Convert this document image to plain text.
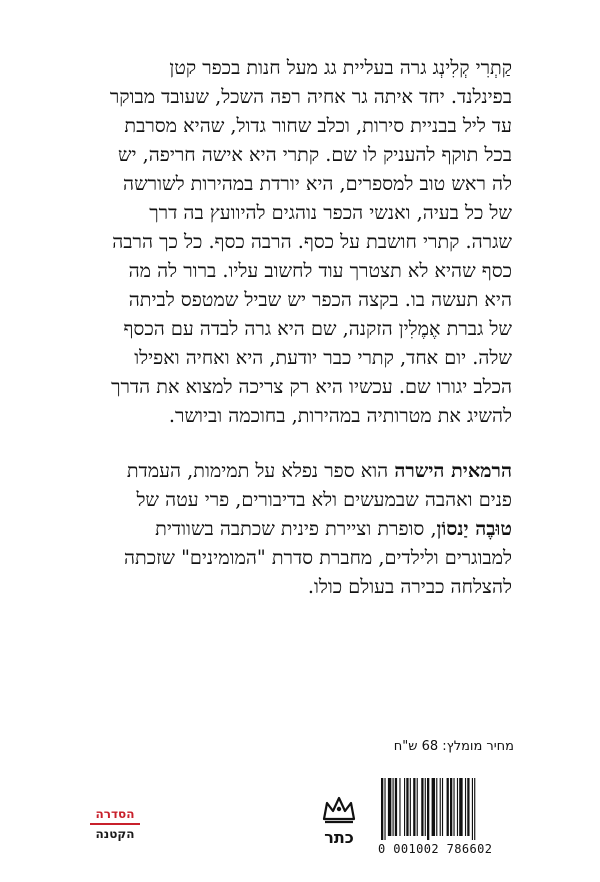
קַתְרִי קְלִינְג גרה בעליית גג מעל חנות בכפר קטן
בפינלנד. יחד איתה גר אחיה רפה השכל, שעובד מבוקר
עד ליל בבניית סירות, וכלב שחור גדול, שהיא מסרבת
בכל תוקף להעניק לו שם. קתרי היא אישה חריפה, יש
לה ראש טוב למספרים, היא יורדת במהירות לשורשה
של כל בעיה, ואנשי הכפר נוהגים להיוועץ בה דרך
שגרה. קתרי חושבת על כסף. הרבה כסף. כל כך הרבה
כסף שהיא לא תצטרך עוד לחשוב עליו. ברור לה מה
היא תעשה בו. בקצה הכפר יש שביל שמטפס לביתה
של גברת אֶמֶלִין הזקנה, שם היא גרה לבדה עם הכסף
שלה. יום אחד, קתרי כבר יודעת, היא ואחיה ואפילו
הכלב יגורו שם. עכשיו היא רק צריכה למצוא את הדרך
להשיג את מטרותיה במהירות, בחוכמה וביושר.
הרמאית הישרה הוא ספר נפלא על תמימות, העמדת
פנים ואהבה שבמעשים ולא בדיבורים, פרי עטה של
טוּבֶה יַנסוֹן, סופרת וציירת פינית שכתבה בשוודית
למבוגרים ולילדים, מחברת סדרת "המומינים" שזכתה
להצלחה כבירה בעולם כולו.
מחיר מומלץ: 68 ש"ח
0 001002 786602
כתר
הסדרה
הקטנה
